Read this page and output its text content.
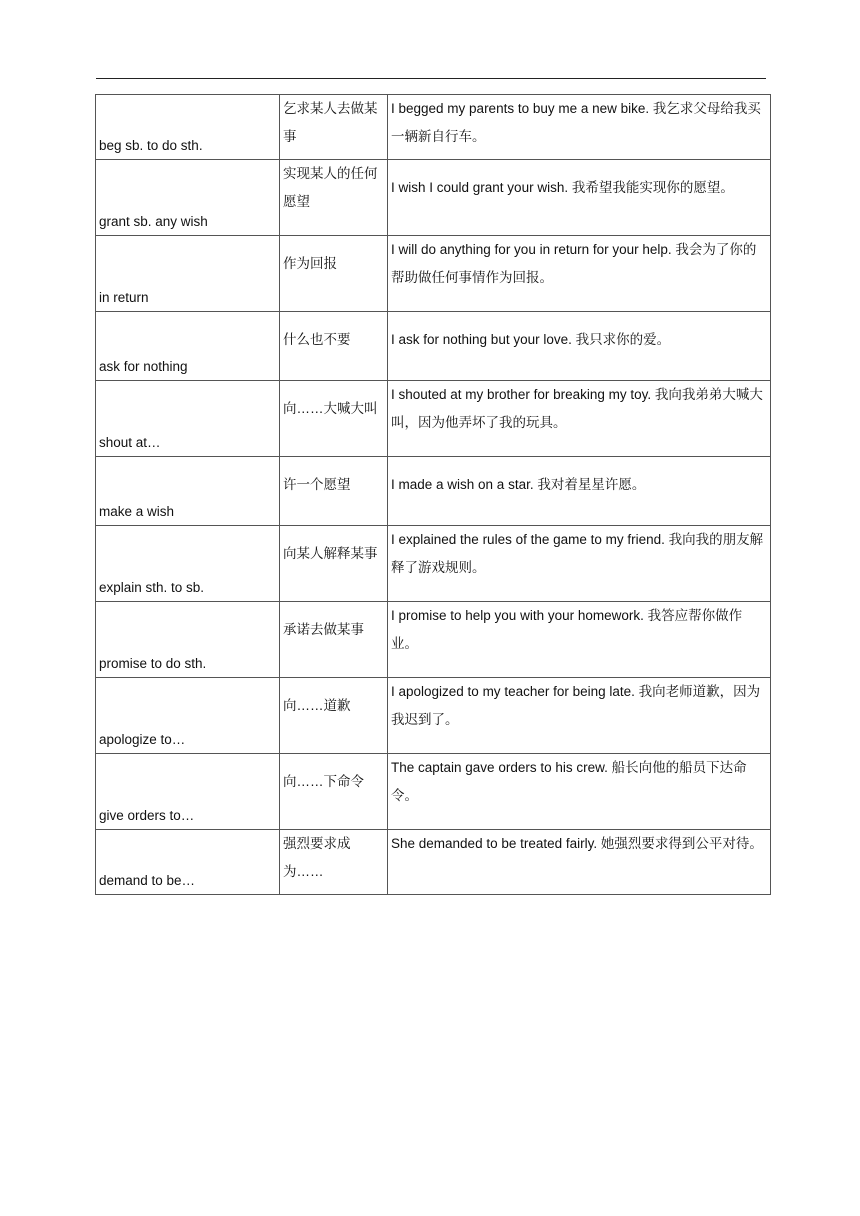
beg sb. to do sth.	乞求某人去做某事	I begged my parents to buy me a new bike. 我乞求父母给我买一辆新自行车。
grant sb. any wish	实现某人的任何愿望	I wish I could grant your wish. 我希望我能实现你的愿望。
in return	作为回报	I will do anything for you in return for your help. 我会为了你的帮助做任何事情作为回报。
ask for nothing	什么也不要	I ask for nothing but your love. 我只求你的爱。
shout at…	向……大喊大叫	I shouted at my brother for breaking my toy. 我向我弟弟大喊大叫，因为他弄坏了我的玩具。
make a wish	许一个愿望	I made a wish on a star. 我对着星星许愿。
explain sth. to sb.	向某人解释某事	I explained the rules of the game to my friend. 我向我的朋友解释了游戏规则。
promise to do sth.	承诺去做某事	I promise to help you with your homework. 我答应帮你做作业。
apologize to…	向……道歉	I apologized to my teacher for being late. 我向老师道歉，因为我迟到了。
give orders to…	向……下命令	The captain gave orders to his crew. 船长向他的船员下达命令。
demand to be…	强烈要求成为……	She demanded to be treated fairly. 她强烈要求得到公平对待。
